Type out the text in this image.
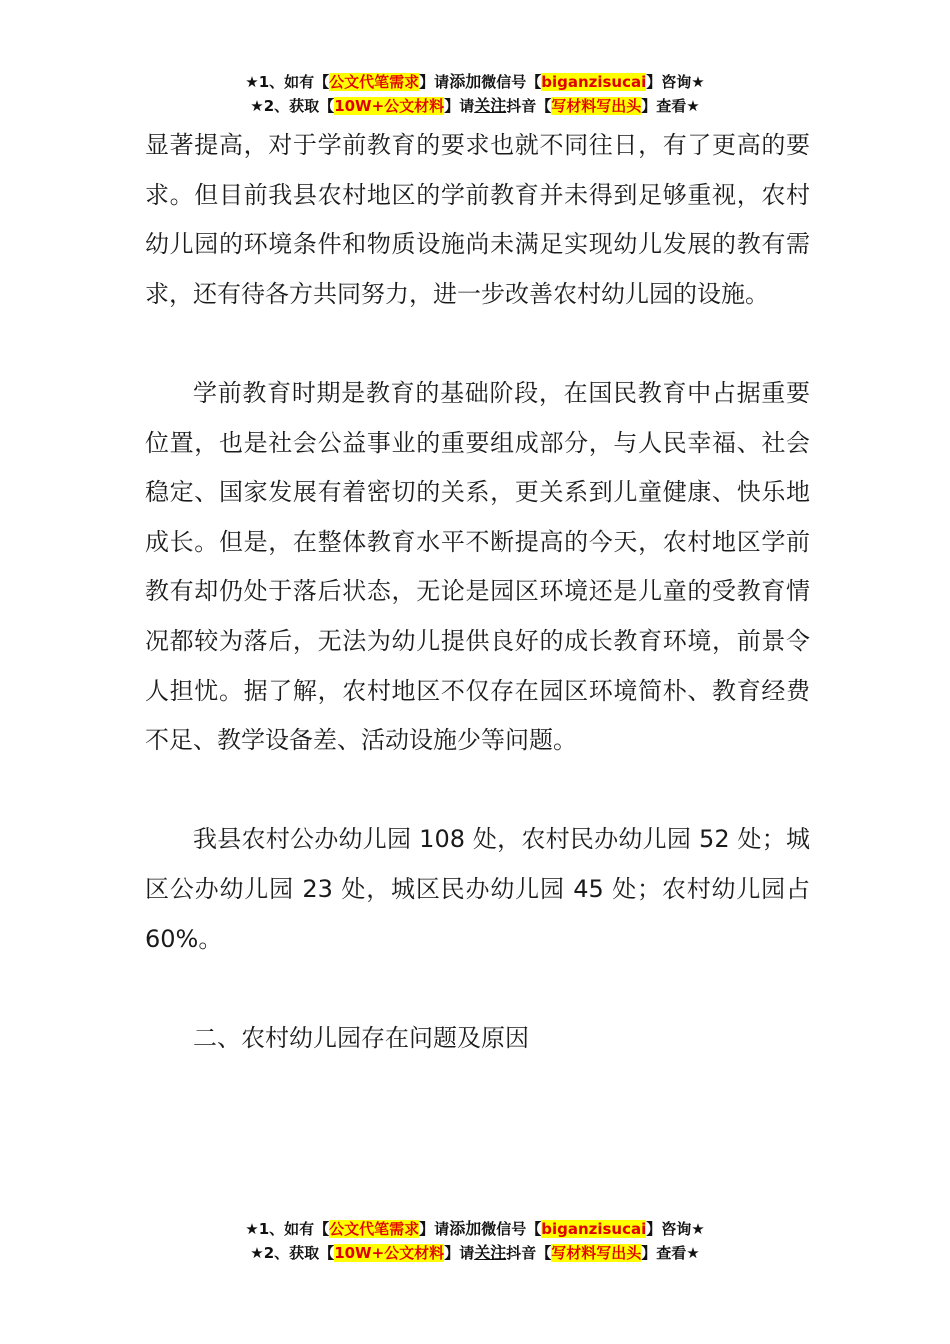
★1、如有【公文代笔需求】请添加微信号【biganzisucai】咨询★
★2、获取【10W+公文材料】请关注抖音【写材料写出头】查看★

显著提高，对于学前教育的要求也就不同往日，有了更高的要求。但目前我县农村地区的学前教育并未得到足够重视，农村幼儿园的环境条件和物质设施尚未满足实现幼儿发展的教有需求，还有待各方共同努力，进一步改善农村幼儿园的设施。

学前教育时期是教育的基础阶段，在国民教育中占据重要位置，也是社会公益事业的重要组成部分，与人民幸福、社会稳定、国家发展有着密切的关系，更关系到儿童健康、快乐地成长。但是，在整体教育水平不断提高的今天，农村地区学前教有却仍处于落后状态，无论是园区环境还是儿童的受教育情况都较为落后，无法为幼儿提供良好的成长教育环境，前景令人担忧。据了解，农村地区不仅存在园区环境简朴、教育经费不足、教学设备差、活动设施少等问题。

我县农村公办幼儿园 108 处，农村民办幼儿园 52 处；城区公办幼儿园 23 处，城区民办幼儿园 45 处；农村幼儿园占 60%。

二、农村幼儿园存在问题及原因

★1、如有【公文代笔需求】请添加微信号【biganzisucai】咨询★
★2、获取【10W+公文材料】请关注抖音【写材料写出头】查看★
